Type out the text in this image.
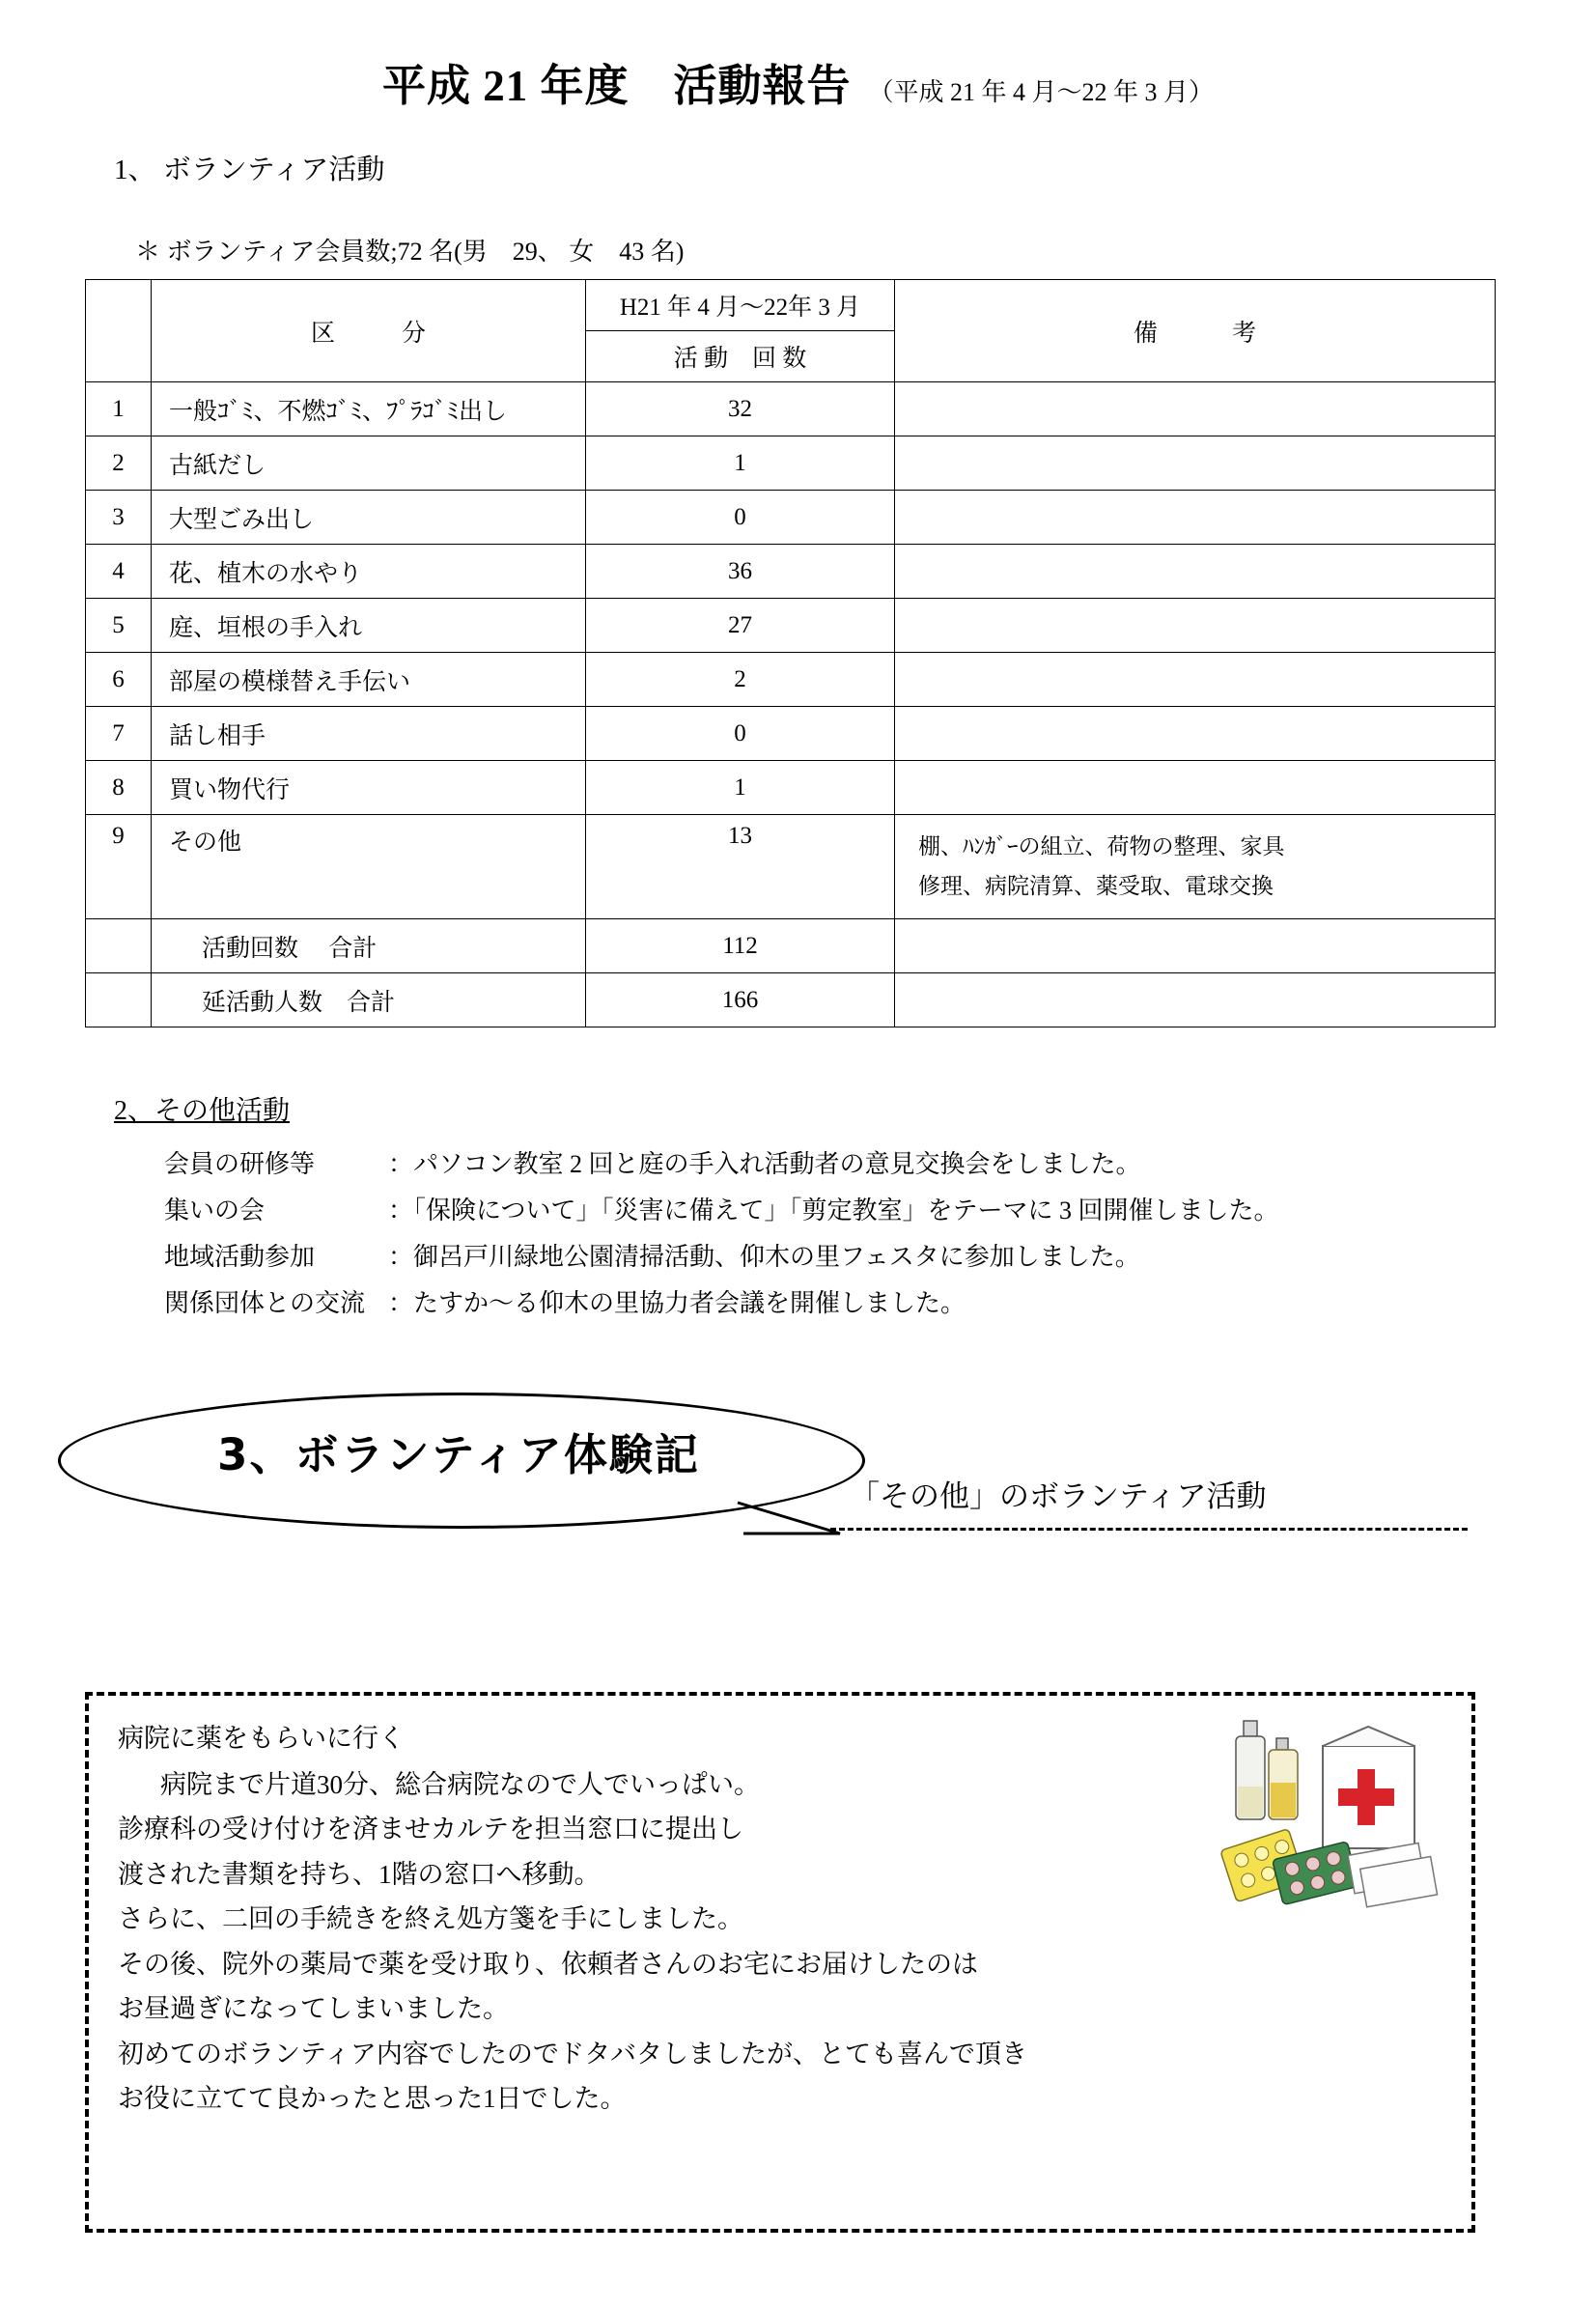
平成 21 年度　活動報告 （平成 21 年 4 月～22 年 3 月）
1、 ボランティア活動
＊ ボランティア会員数;72 名(男　29、 女　43 名)
	区　分	H21 年 4 月～22年 3 月	備　考
		活 動　回 数	
1	一般ｺﾞﾐ、不燃ｺﾞﾐ、ﾌﾟﾗｺﾞﾐ出し	32	
2	古紙だし	1	
3	大型ごみ出し	0	
4	花、植木の水やり	36	
5	庭、垣根の手入れ	27	
6	部屋の模様替え手伝い	2	
7	話し相手	0	
8	買い物代行	1	
9	その他	13	棚、ﾊﾝｶﾞｰの組立、荷物の整理、家具
修理、病院清算、薬受取、電球交換

	活動回数　 合計	112	
	延活動人数　合計	166	
2、その他活動
会員の研修等	：パソコン教室 2 回と庭の手入れ活動者の意見交換会をしました。
集いの会	：「保険について」「災害に備えて」「剪定教室」をテーマに 3 回開催しました。
地域活動参加	：御呂戸川緑地公園清掃活動、仰木の里フェスタに参加しました。
関係団体との交流 ：たすか～る仰木の里協力者会議を開催しました。
3、ボランティア体験記
「その他」のボランティア活動
病院に薬をもらいに行く
病院まで片道30分、総合病院なので人でいっぱい。
診療科の受け付けを済ませカルテを担当窓口に提出し
渡された書類を持ち、1階の窓口へ移動。
さらに、二回の手続きを終え処方箋を手にしました。
その後、院外の薬局で薬を受け取り、依頼者さんのお宅にお届けしたのは
お昼過ぎになってしまいました。
初めてのボランティア内容でしたのでドタバタしましたが、とても喜んで頂き
お役に立てて良かったと思った1日でした。
